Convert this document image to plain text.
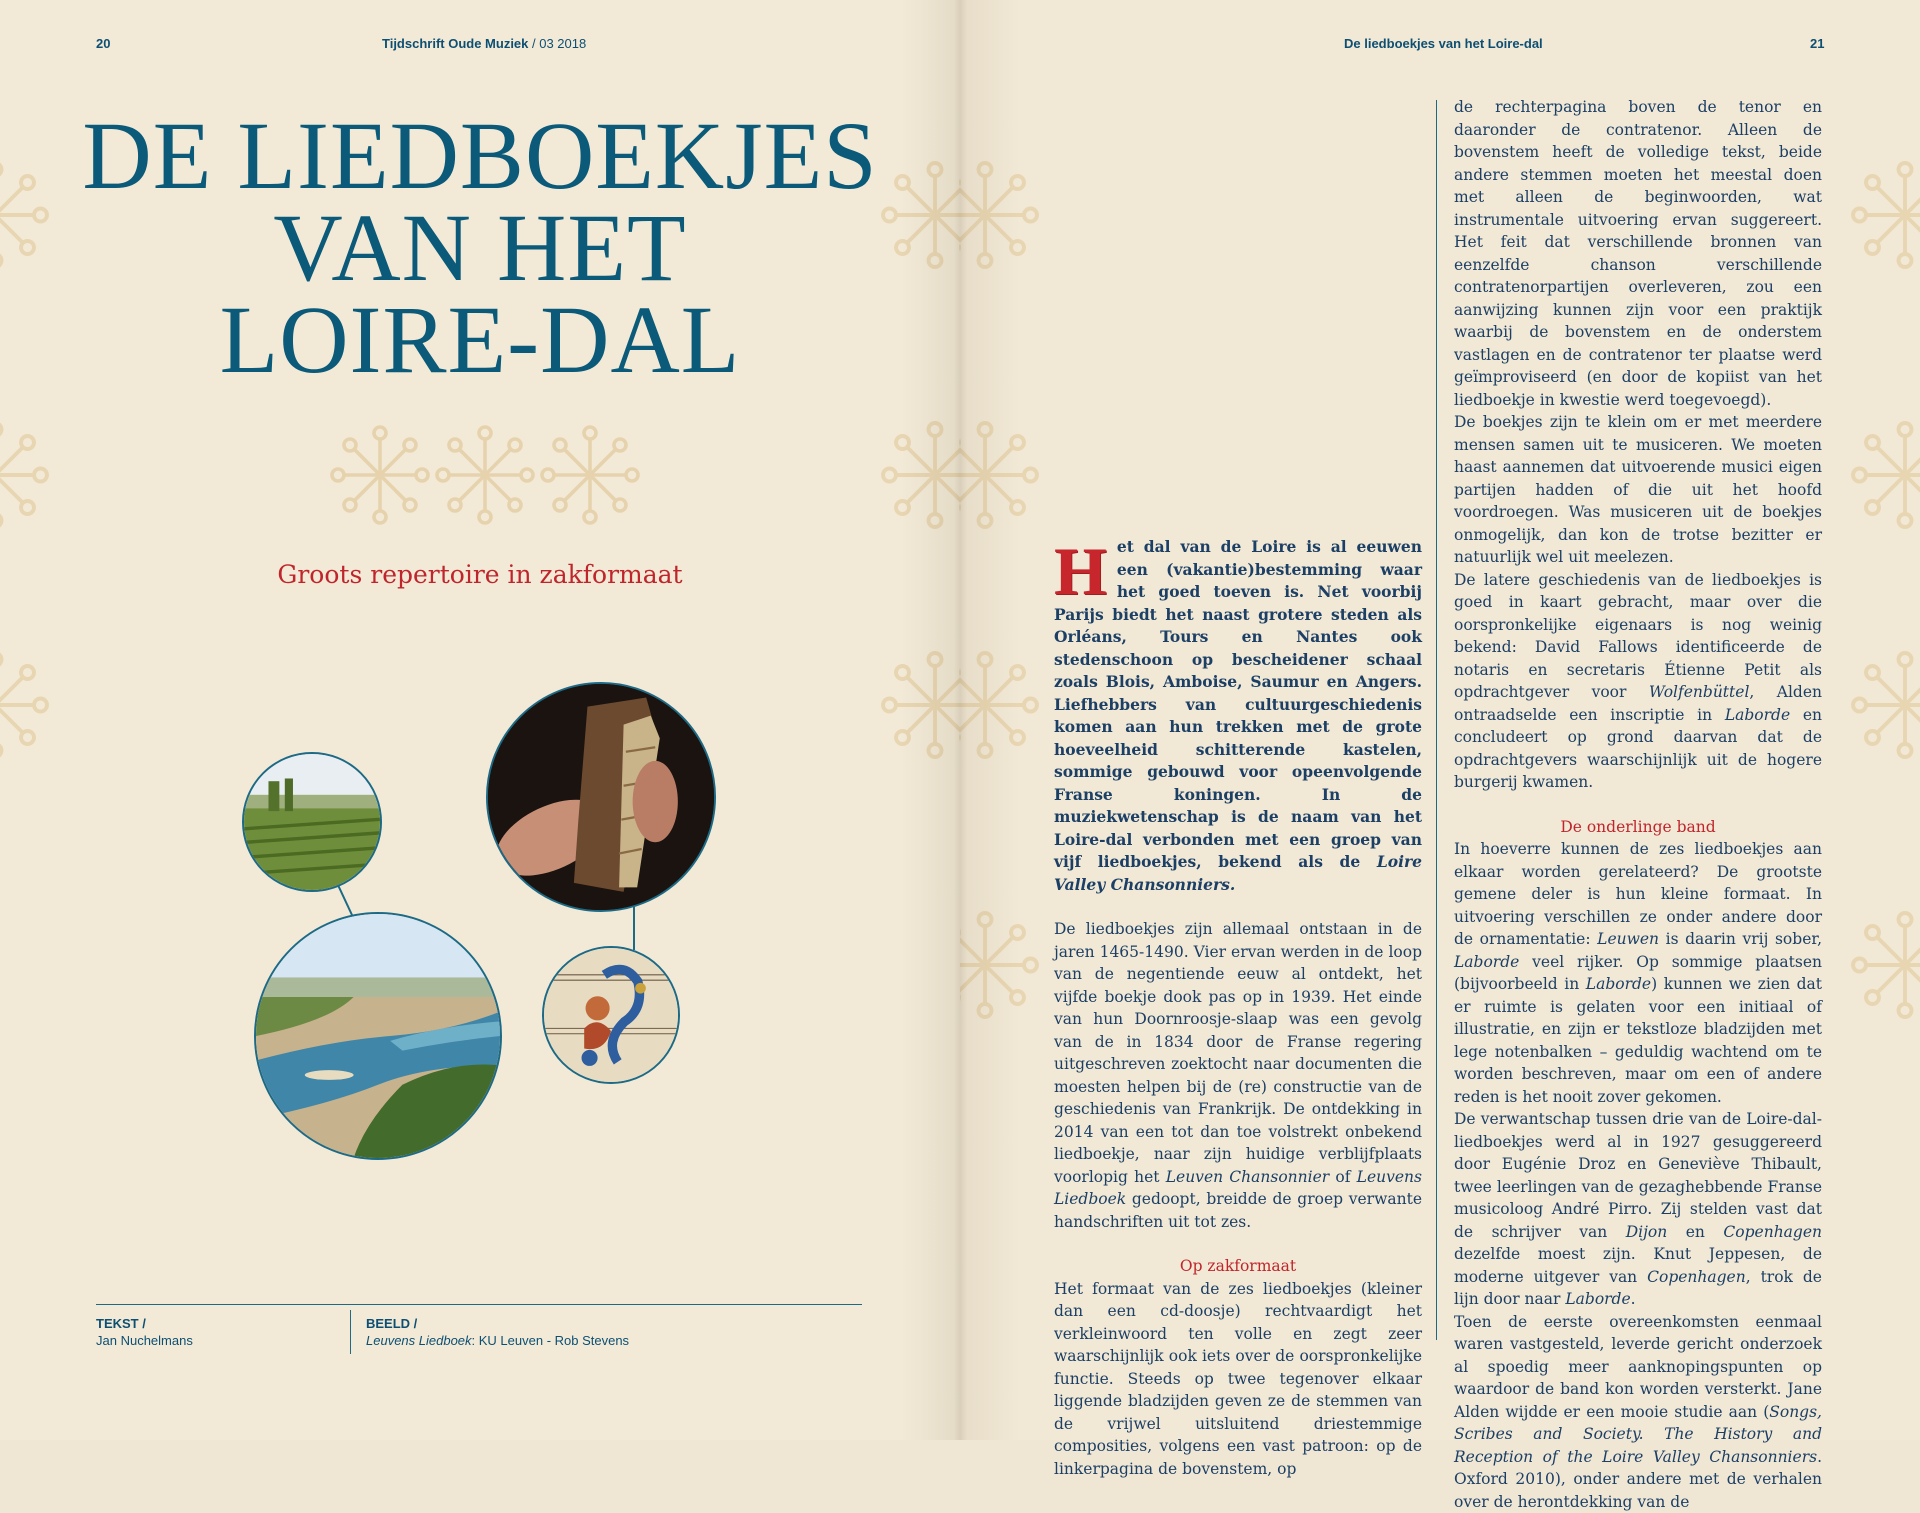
20	Tijdschrift Oude Muziek / 03 2018
DE LIEDBOEKJES
VAN HET
LOIRE-DAL
Groots repertoire in zakformaat
TEKST /
Jan Nuchelmans
BEELD /
Leuvens Liedboek: KU Leuven - Rob Stevens
De liedboekjes van het Loire-dal	21

Het dal van de Loire is al eeuwen een (vakantie)bestemming waar het goed toeven is. Net voorbij Parijs biedt het naast grotere steden als Orléans, Tours en Nantes ook stedenschoon op bescheidener schaal zoals Blois, Amboise, Saumur en Angers. Liefhebbers van cultuurgeschiedenis komen aan hun trekken met de grote hoeveelheid schitterende kastelen, sommige gebouwd voor opeenvolgende Franse koningen. In de muziekwetenschap is de naam van het Loire-dal verbonden met een groep van vijf liedboekjes, bekend als de Loire Valley Chansonniers.

De liedboekjes zijn allemaal ontstaan in de jaren 1465-1490. Vier ervan werden in de loop van de negentiende eeuw al ontdekt, het vijfde boekje dook pas op in 1939. Het einde van hun Doornroosje-slaap was een gevolg van de in 1834 door de Franse regering uitgeschreven zoektocht naar documenten die moesten helpen bij de (re) constructie van de geschiedenis van Frankrijk. De ontdekking in 2014 van een tot dan toe volstrekt onbekend liedboekje, naar zijn huidige verblijfplaats voorlopig het Leuven Chansonnier of Leuvens Liedboek gedoopt, breidde de groep verwante handschriften uit tot zes.

Op zakformaat

Het formaat van de zes liedboekjes (kleiner dan een cd-doosje) rechtvaardigt het verkleinwoord ten volle en zegt zeer waarschijnlijk ook iets over de oorspronkelijke functie. Steeds op twee tegenover elkaar liggende bladzijden geven ze de stemmen van de vrijwel uitsluitend driestemmige composities, volgens een vast patroon: op de linkerpagina de bovenstem, op

de rechterpagina boven de tenor en daaronder de contratenor. Alleen de bovenstem heeft de volledige tekst, beide andere stemmen moeten het meestal doen met alleen de beginwoorden, wat instrumentale uitvoering ervan suggereert. Het feit dat verschillende bronnen van eenzelfde chanson verschillende contratenorpartijen overleveren, zou een aanwijzing kunnen zijn voor een praktijk waarbij de bovenstem en de onderstem vastlagen en de contratenor ter plaatse werd geïmproviseerd (en door de kopiist van het liedboekje in kwestie werd toegevoegd).

De boekjes zijn te klein om er met meerdere mensen samen uit te musiceren. We moeten haast aannemen dat uitvoerende musici eigen partijen hadden of die uit het hoofd voordroegen. Was musiceren uit de boekjes onmogelijk, dan kon de trotse bezitter er natuurlijk wel uit meelezen.

De latere geschiedenis van de liedboekjes is goed in kaart gebracht, maar over die oorspronkelijke eigenaars is nog weinig bekend: David Fallows identificeerde de notaris en secretaris Étienne Petit als opdrachtgever voor Wolfenbüttel, Alden ontraadselde een inscriptie in Laborde en concludeert op grond daarvan dat de opdrachtgevers waarschijnlijk uit de hogere burgerij kwamen.

De onderlinge band

In hoeverre kunnen de zes liedboekjes aan elkaar worden gerelateerd? De grootste gemene deler is hun kleine formaat. In uitvoering verschillen ze onder andere door de ornamentatie: Leuwen is daarin vrij sober, Laborde veel rijker. Op sommige plaatsen (bijvoorbeeld in Laborde) kunnen we zien dat er ruimte is gelaten voor een initiaal of illustratie, en zijn er tekstloze bladzijden met lege notenbalken – geduldig wachtend om te worden beschreven, maar om een of andere reden is het nooit zover gekomen.

De verwantschap tussen drie van de Loire-dal-liedboekjes werd al in 1927 gesuggereerd door Eugénie Droz en Geneviève Thibault, twee leerlingen van de gezaghebbende Franse musicoloog André Pirro. Zij stelden vast dat de schrijver van Dijon en Copenhagen dezelfde moest zijn. Knut Jeppesen, de moderne uitgever van Copenhagen, trok de lijn door naar Laborde.

Toen de eerste overeenkomsten eenmaal waren vastgesteld, leverde gericht onderzoek al spoedig meer aanknopingspunten op waardoor de band kon worden versterkt. Jane Alden wijdde er een mooie studie aan (Songs, Scribes and Society. The History and Reception of the Loire Valley Chansonniers. Oxford 2010), onder andere met de verhalen over de herontdekking van de
